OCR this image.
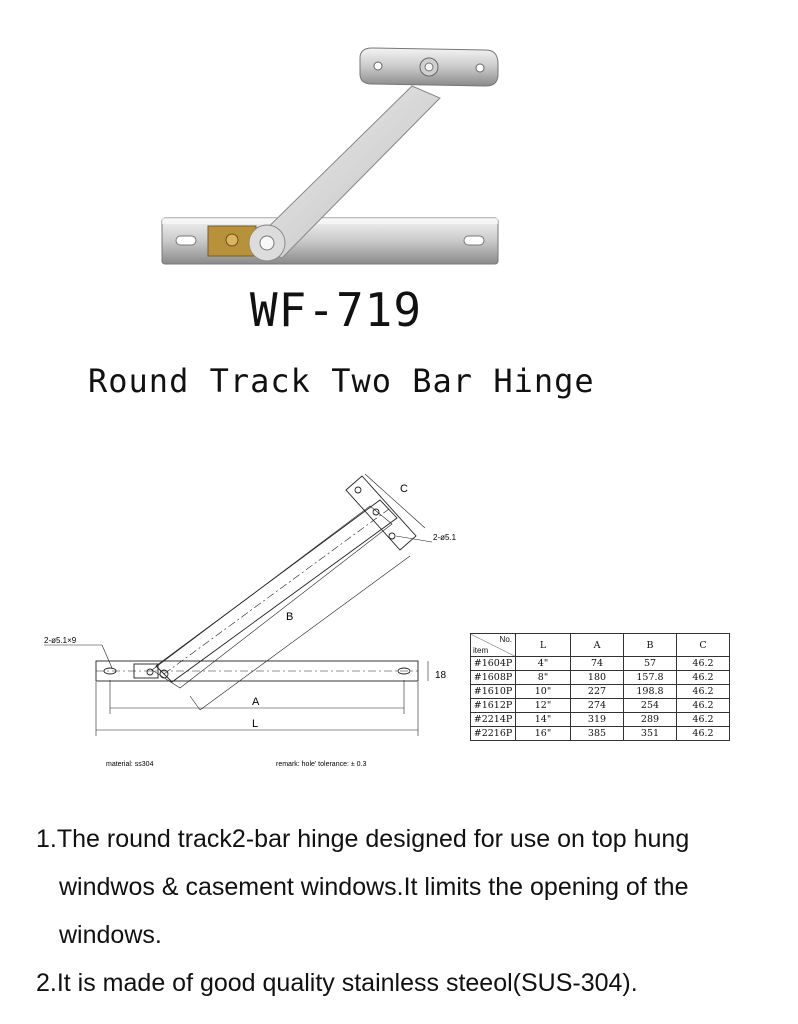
WF-719
Round Track Two Bar Hinge
C
B
A
L
18
2-ø5.1
2-ø5.1×9
material: ss304	remark: hole' tolerance: ± 0.3
No.
item	L	A	B	C
#1604P	4"	74	57	46.2
#1608P	8"	180	157.8	46.2
#1610P	10"	227	198.8	46.2
#1612P	12"	274	254	46.2
#2214P	14"	319	289	46.2
#2216P	16"	385	351	46.2

1.The round track2-bar hinge designed for use on top hung

windwos & casement windows.It limits the opening of the

windows.

2.It is made of good quality stainless steeol(SUS-304).
